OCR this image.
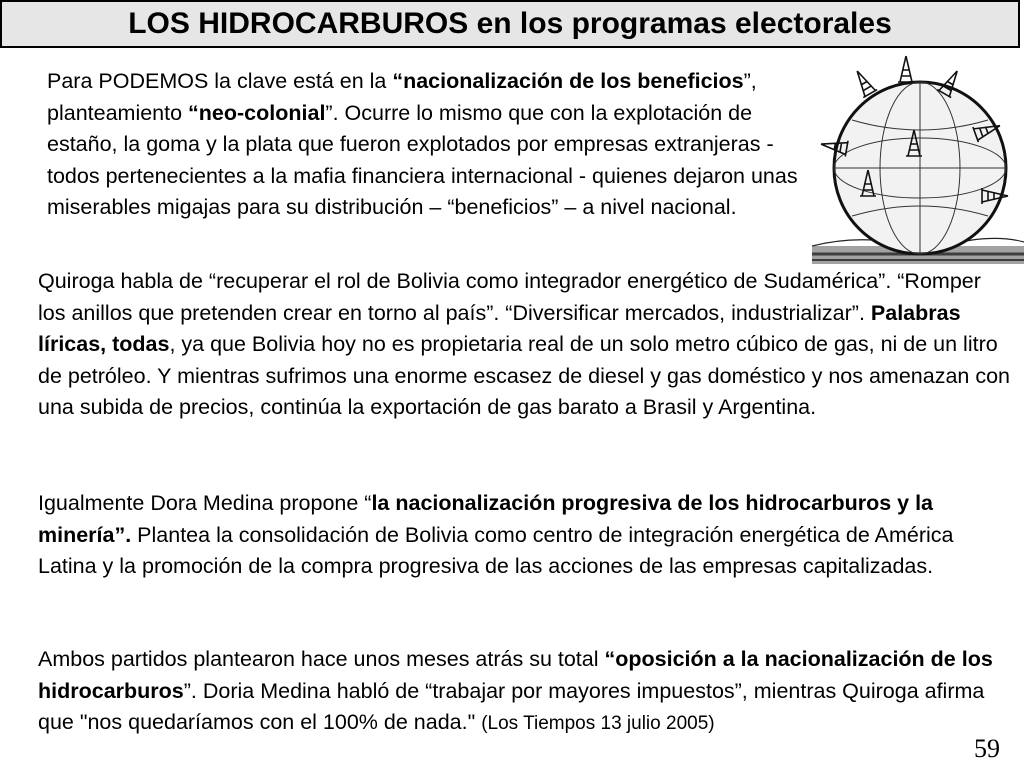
LOS HIDROCARBUROS en los programas electorales
Para PODEMOS la clave está en la “nacionalización de los beneficios”, planteamiento “neo-colonial”. Ocurre lo mismo que con la explotación de estaño, la goma y la plata que fueron explotados por empresas extranjeras - todos pertenecientes a la mafia financiera internacional - quienes dejaron unas miserables migajas para su distribución – “beneficios” – a nivel nacional.
Quiroga habla de “recuperar el rol de Bolivia como integrador energético de Sudamérica”. “Romper los anillos que pretenden crear en torno al país”. “Diversificar mercados, industrializar”. Palabras líricas, todas, ya que Bolivia hoy no es propietaria real de un solo metro cúbico de gas, ni de un litro de petróleo. Y mientras sufrimos una enorme escasez de diesel y gas doméstico y nos amenazan con una subida de precios, continúa la exportación de gas barato a Brasil y Argentina.
Igualmente Dora Medina propone “la nacionalización progresiva de los hidrocarburos y la minería”. Plantea la consolidación de Bolivia como centro de integración energética de América Latina y la promoción de la compra progresiva de las acciones de las empresas capitalizadas.
Ambos partidos plantearon hace unos meses atrás su total “oposición a la nacionalización de los hidrocarburos”. Doria Medina habló de “trabajar por mayores impuestos”, mientras Quiroga afirma que "nos quedaríamos con el 100% de nada." (Los Tiempos 13 julio 2005)
59
